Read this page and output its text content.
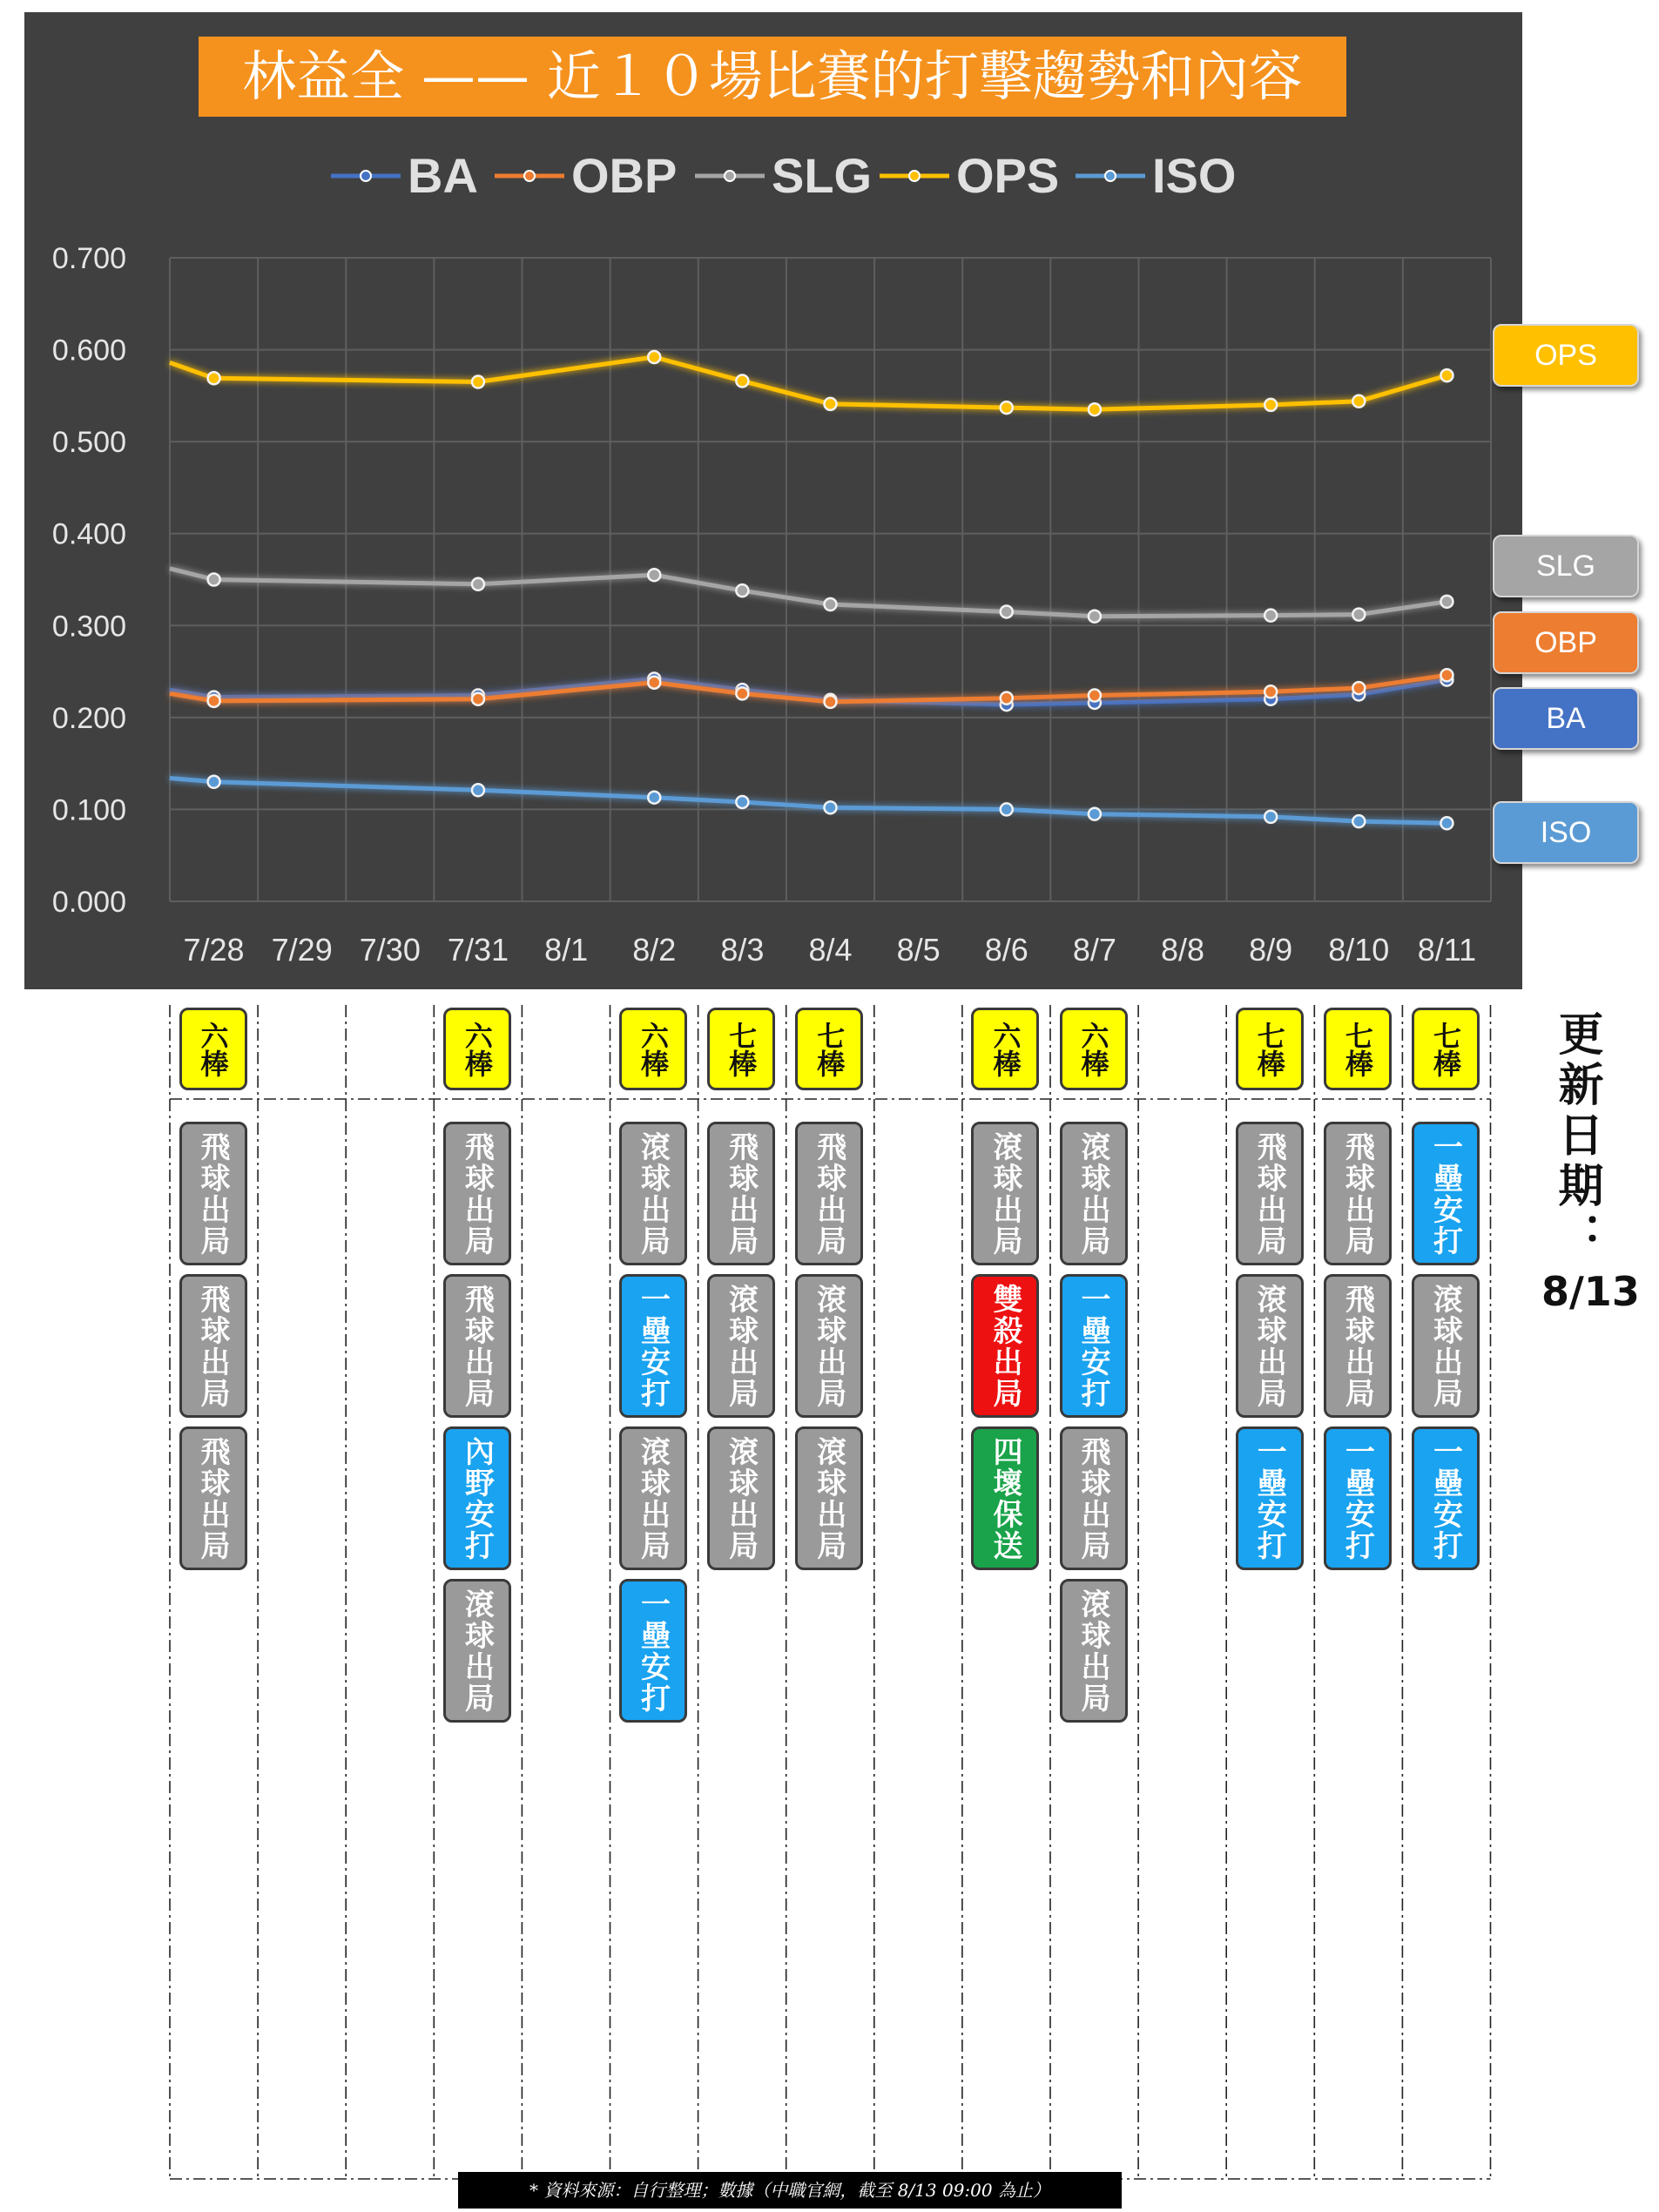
BA OBP SLG OPS ISO
0.000
0.100
0.200
0.300
0.400
0.500
0.600
0.700
7/28 7/29 7/30 7/31 8/1 8/2 8/3 8/4 8/5 8/6 8/7 8/8 8/9 8/10 8/11
林益全 —— 近１０場比賽的打擊趨勢和內容
OPS
SLG
OBP
BA
ISO
六棒
飛球出局
飛球出局
飛球出局
六棒
飛球出局
飛球出局
內野安打
滾球出局
六棒
滾球出局
一壘安打
滾球出局
一壘安打
七棒
飛球出局
滾球出局
滾球出局
七棒
飛球出局
滾球出局
滾球出局
六棒
滾球出局
雙殺出局
四壞保送
六棒
滾球出局
一壘安打
飛球出局
滾球出局
七棒
飛球出局
滾球出局
一壘安打
七棒
飛球出局
飛球出局
一壘安打
七棒
一壘安打
滾球出局
一壘安打
更新日期：
8/13
* 資料來源：自行整理；數據（中職官網，截至 8/13 09:00 為止）
